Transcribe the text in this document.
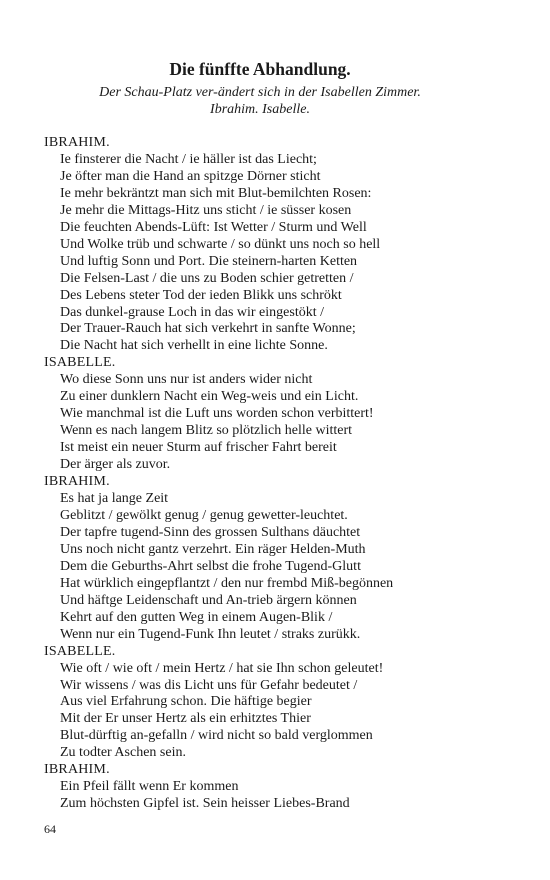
Die fünffte Abhandlung.
Der Schau-Platz ver-ändert sich in der Isabellen Zimmer.
Ibrahim. Isabelle.
IBRAHIM.
Ie finsterer die Nacht / ie häller ist das Liecht;
Je öfter man die Hand an spitzge Dörner sticht
Ie mehr bekräntzt man sich mit Blut-bemilchten Rosen:
Je mehr die Mittags-Hitz uns sticht / ie süsser kosen
Die feuchten Abends-Lüft: Ist Wetter / Sturm und Well
Und Wolke trüb und schwarte / so dünkt uns noch so hell
Und luftig Sonn und Port. Die steinern-harten Ketten
Die Felsen-Last / die uns zu Boden schier getretten /
Des Lebens steter Tod der ieden Blikk uns schrökt
Das dunkel-grause Loch in das wir eingestökt /
Der Trauer-Rauch hat sich verkehrt in sanfte Wonne;
Die Nacht hat sich verhellt in eine lichte Sonne.
ISABELLE.
Wo diese Sonn uns nur ist anders wider nicht
Zu einer dunklern Nacht ein Weg-weis und ein Licht.
Wie manchmal ist die Luft uns worden schon verbittert!
Wenn es nach langem Blitz so plötzlich helle wittert
Ist meist ein neuer Sturm auf frischer Fahrt bereit
Der ärger als zuvor.
IBRAHIM.
Es hat ja lange Zeit
Geblitzt / gewölkt genug / genug gewetter-leuchtet.
Der tapfre tugend-Sinn des grossen Sulthans däuchtet
Uns noch nicht gantz verzehrt. Ein räger Helden-Muth
Dem die Geburths-Ahrt selbst die frohe Tugend-Glutt
Hat würklich eingepflantzt / den nur frembd Miß-begönnen
Und häftge Leidenschaft und An-trieb ärgern können
Kehrt auf den gutten Weg in einem Augen-Blik /
Wenn nur ein Tugend-Funk Ihn leutet / straks zurükk.
ISABELLE.
Wie oft / wie oft / mein Hertz / hat sie Ihn schon geleutet!
Wir wissens / was dis Licht uns für Gefahr bedeutet /
Aus viel Erfahrung schon. Die häftige begier
Mit der Er unser Hertz als ein erhitztes Thier
Blut-dürftig an-gefalln / wird nicht so bald verglommen
Zu todter Aschen sein.
IBRAHIM.
Ein Pfeil fällt wenn Er kommen
Zum höchsten Gipfel ist. Sein heisser Liebes-Brand
64
